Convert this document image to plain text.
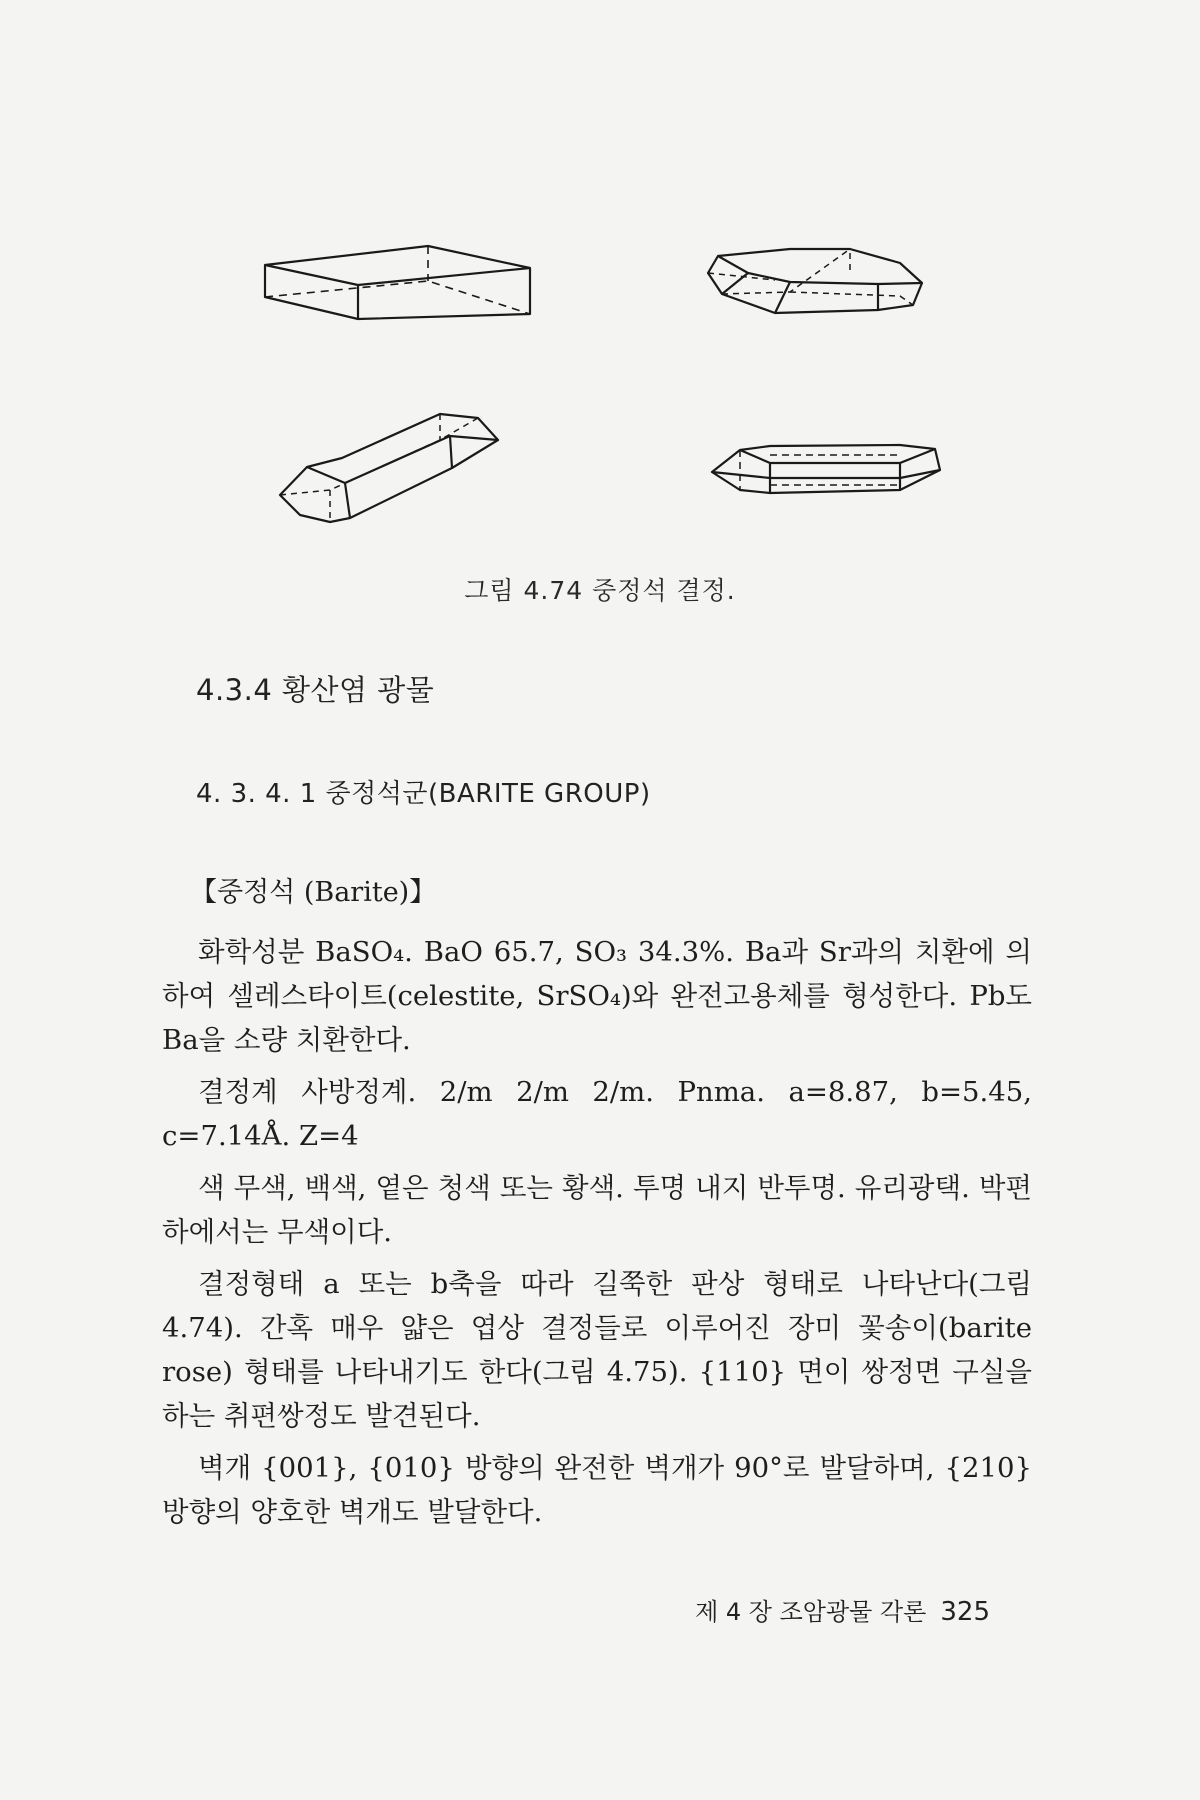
그림 4.74 중정석 결정.
4.3.4 황산염 광물
4. 3. 4. 1 중정석군(BARITE GROUP)
【중정석 (Barite)】

화학성분 BaSO₄. BaO 65.7, SO₃ 34.3%. Ba과 Sr과의 치환에 의하여 셀레스타이트(celestite, SrSO₄)와 완전고용체를 형성한다. Pb도 Ba을 소량 치환한다.

결정계 사방정계. 2/m 2/m 2/m. Pnma. a=8.87, b=5.45, c=7.14Å. Z=4

색 무색, 백색, 옅은 청색 또는 황색. 투명 내지 반투명. 유리광택. 박편하에서는 무색이다.

결정형태 a 또는 b축을 따라 길쭉한 판상 형태로 나타난다(그림 4.74). 간혹 매우 얇은 엽상 결정들로 이루어진 장미 꽃송이(barite rose) 형태를 나타내기도 한다(그림 4.75). {110} 면이 쌍정면 구실을 하는 취편쌍정도 발견된다.

벽개 {001}, {010} 방향의 완전한 벽개가 90°로 발달하며, {210} 방향의 양호한 벽개도 발달한다.

제 4 장 조암광물 각론 325
